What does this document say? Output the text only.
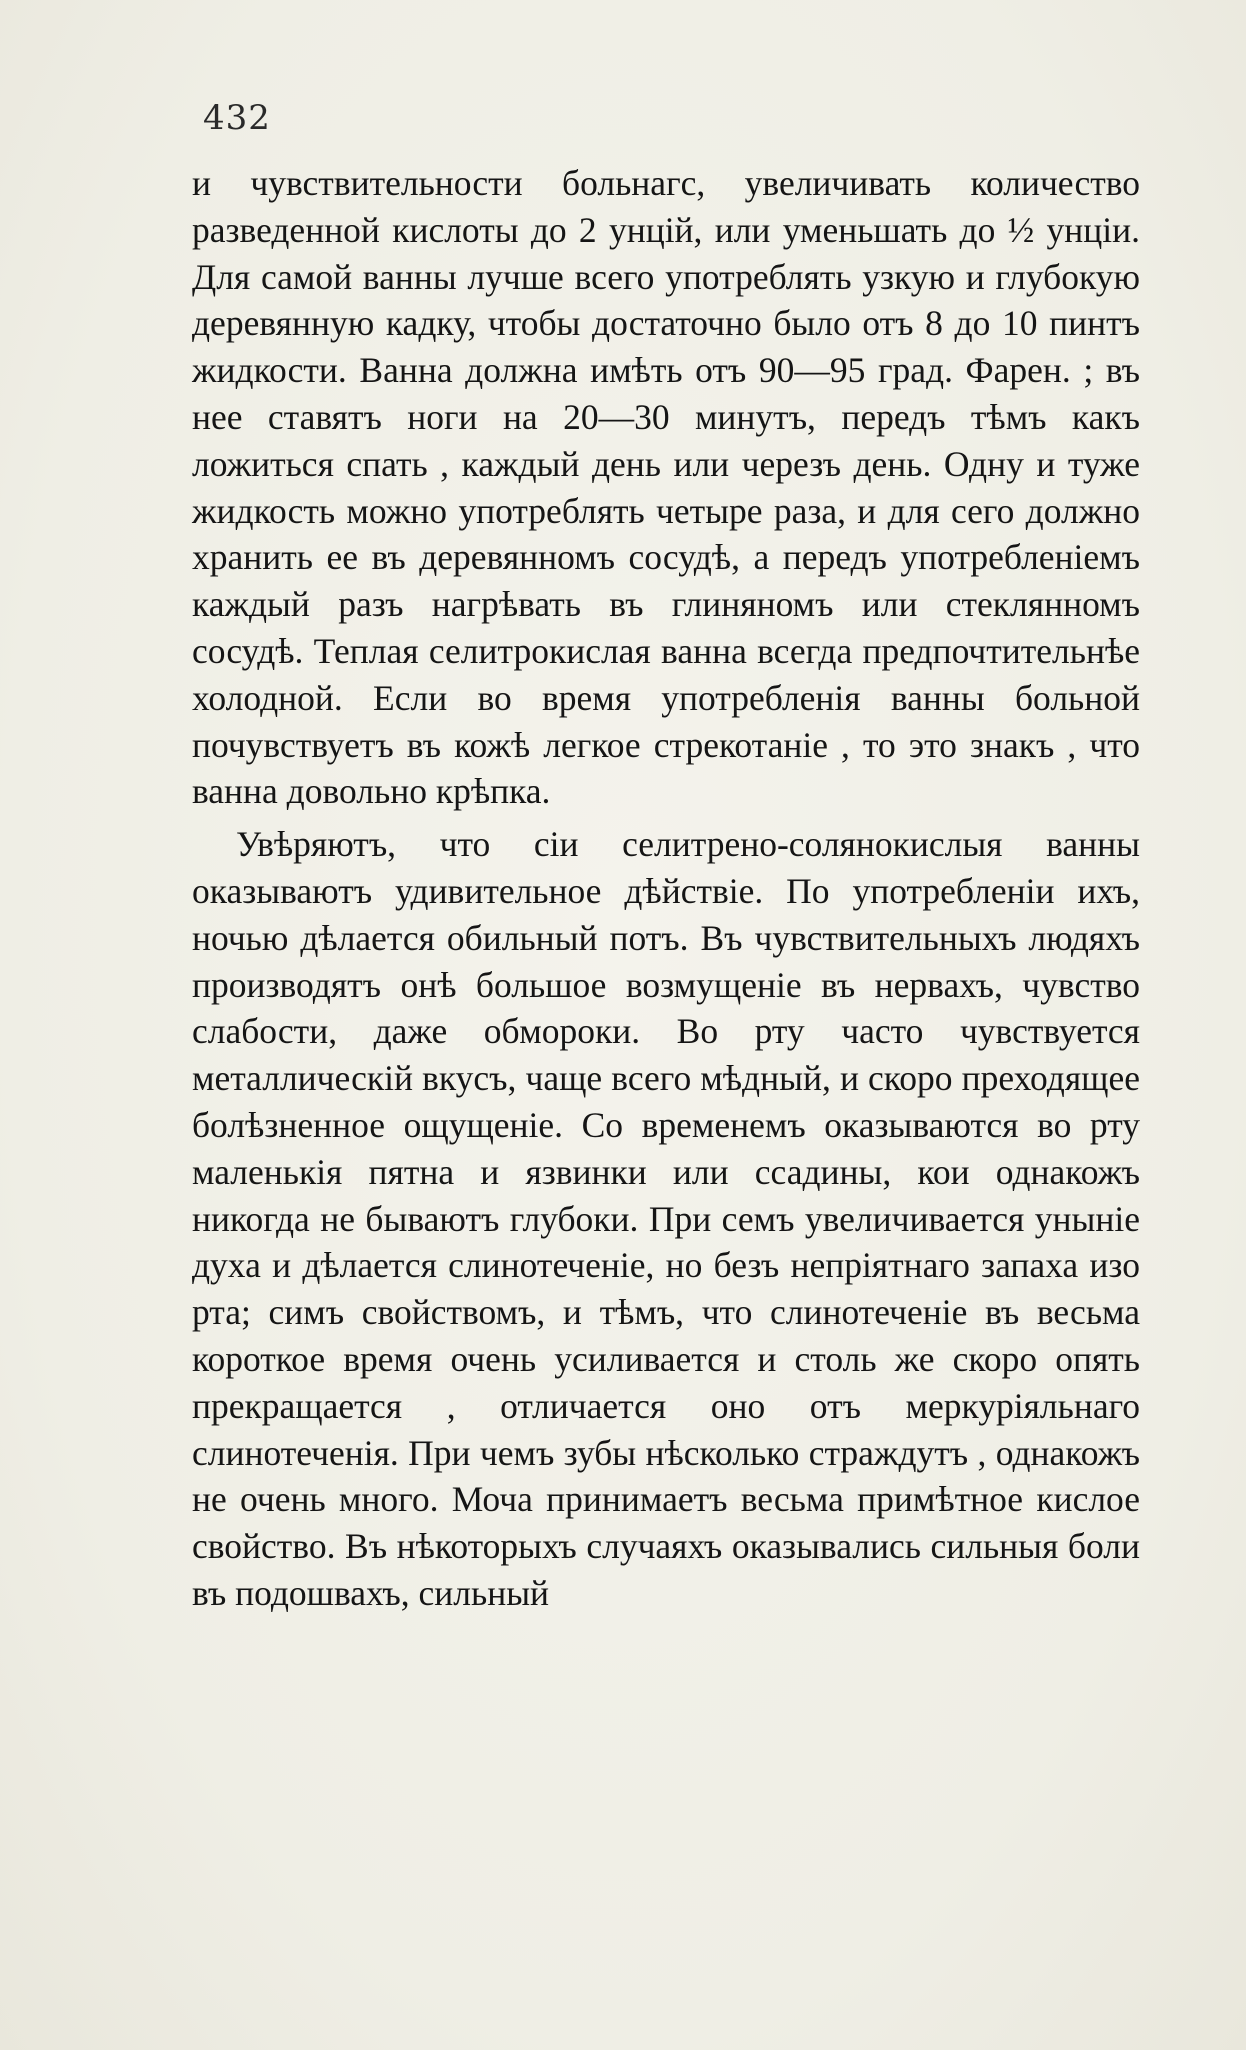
432

и чувствительности больнагс, увеличивать количество разведенной кислоты до 2 унцій, или уменьшать до ½ унціи. Для самой ванны лучше всего употреблять узкую и глубокую деревянную кадку, чтобы достаточно было отъ 8 до 10 пинтъ жидкости. Ванна должна имѣть отъ 90—95 град. Фарен. ; въ нее ставятъ ноги на 20—30 минутъ, передъ тѣмъ какъ ложиться спать , каждый день или черезъ день. Одну и туже жидкость можно употреблять четыре раза, и для сего должно хранить ее въ деревянномъ сосудѣ, а передъ употребленіемъ каждый разъ нагрѣвать въ глиняномъ или стеклянномъ сосудѣ. Теплая селитрокислая ванна всегда предпочтительнѣе холодной. Если во время употребленія ванны больной почувствуетъ въ кожѣ легкое стрекотаніе , то это знакъ , что ванна довольно крѣпка.

Увѣряютъ, что сіи селитрено-солянокислыя ванны оказываютъ удивительное дѣйствіе. По употребленіи ихъ, ночью дѣлается обильный потъ. Въ чувствительныхъ людяхъ производятъ онѣ большое возмущеніе въ нервахъ, чувство слабости, даже обмороки. Во рту часто чувствуется металлическій вкусъ, чаще всего мѣдный, и скоро преходящее болѣзненное ощущеніе. Со временемъ оказываются во рту маленькія пятна и язвинки или ссадины, кои однакожъ никогда не бываютъ глубоки. При семъ увеличивается уныніе духа и дѣлается слинотеченіе, но безъ непріятнаго запаха изо рта; симъ свойствомъ, и тѣмъ, что слинотеченіе въ весьма короткое время очень усиливается и столь же скоро опять прекращается , отличается оно отъ меркуріяльнаго слинотеченія. При чемъ зубы нѣсколько страждутъ , однакожъ не очень много. Моча принимаетъ весьма примѣтное кислое свойство. Въ нѣкоторыхъ случаяхъ оказывались сильныя боли въ подошвахъ, сильный
